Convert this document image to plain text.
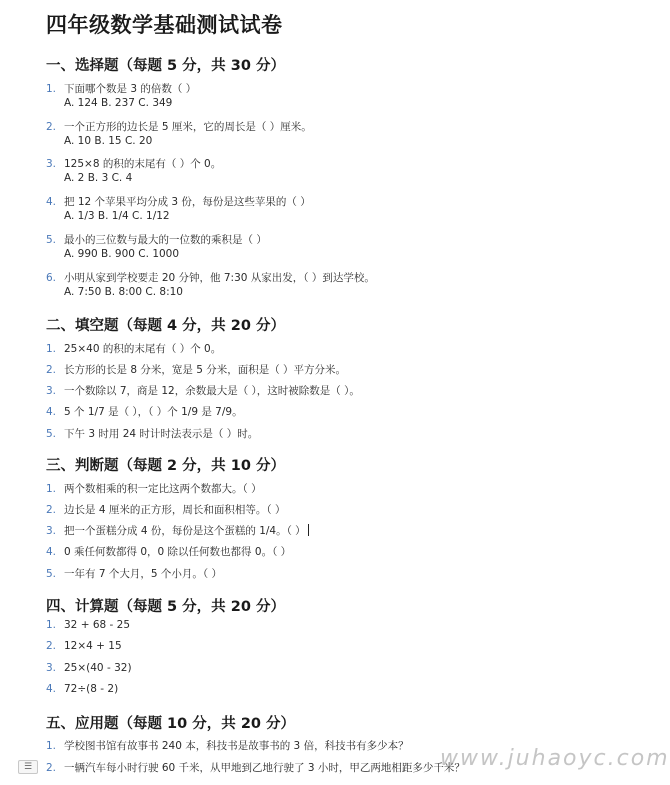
四年级数学基础测试试卷
一、选择题（每题 5 分，共 30 分）
1. 下面哪个数是 3 的倍数（ ）
A. 124 B. 237 C. 349
2. 一个正方形的边长是 5 厘米，它的周长是（ ）厘米。
A. 10 B. 15 C. 20
3. 125×8 的积的末尾有（ ）个 0。
A. 2 B. 3 C. 4
4. 把 12 个苹果平均分成 3 份，每份是这些苹果的（ ）
A. 1/3 B. 1/4 C. 1/12
5. 最小的三位数与最大的一位数的乘积是（ ）
A. 990 B. 900 C. 1000
6. 小明从家到学校要走 20 分钟，他 7:30 从家出发，（ ）到达学校。
A. 7:50 B. 8:00 C. 8:10
二、填空题（每题 4 分，共 20 分）
1. 25×40 的积的末尾有（ ）个 0。
2. 长方形的长是 8 分米，宽是 5 分米，面积是（ ）平方分米。
3. 一个数除以 7，商是 12，余数最大是（ ），这时被除数是（ ）。
4. 5 个 1/7 是（ ），（ ）个 1/9 是 7/9。
5. 下午 3 时用 24 时计时法表示是（ ）时。
三、判断题（每题 2 分，共 10 分）
1. 两个数相乘的积一定比这两个数都大。（ ）
2. 边长是 4 厘米的正方形，周长和面积相等。（ ）
3. 把一个蛋糕分成 4 份，每份是这个蛋糕的 1/4。（ ）
4. 0 乘任何数都得 0，0 除以任何数也都得 0。（ ）
5. 一年有 7 个大月，5 个小月。（ ）
四、计算题（每题 5 分，共 20 分）
1. 32 + 68 - 25
2. 12×4 + 15
3. 25×(40 - 32)
4. 72÷(8 - 2)
五、应用题（每题 10 分，共 20 分）
1. 学校图书馆有故事书 240 本，科技书是故事书的 3 倍，科技书有多少本？
2. 一辆汽车每小时行驶 60 千米，从甲地到乙地行驶了 3 小时，甲乙两地相距多少千米？
☰	www.juhaoyc.com
